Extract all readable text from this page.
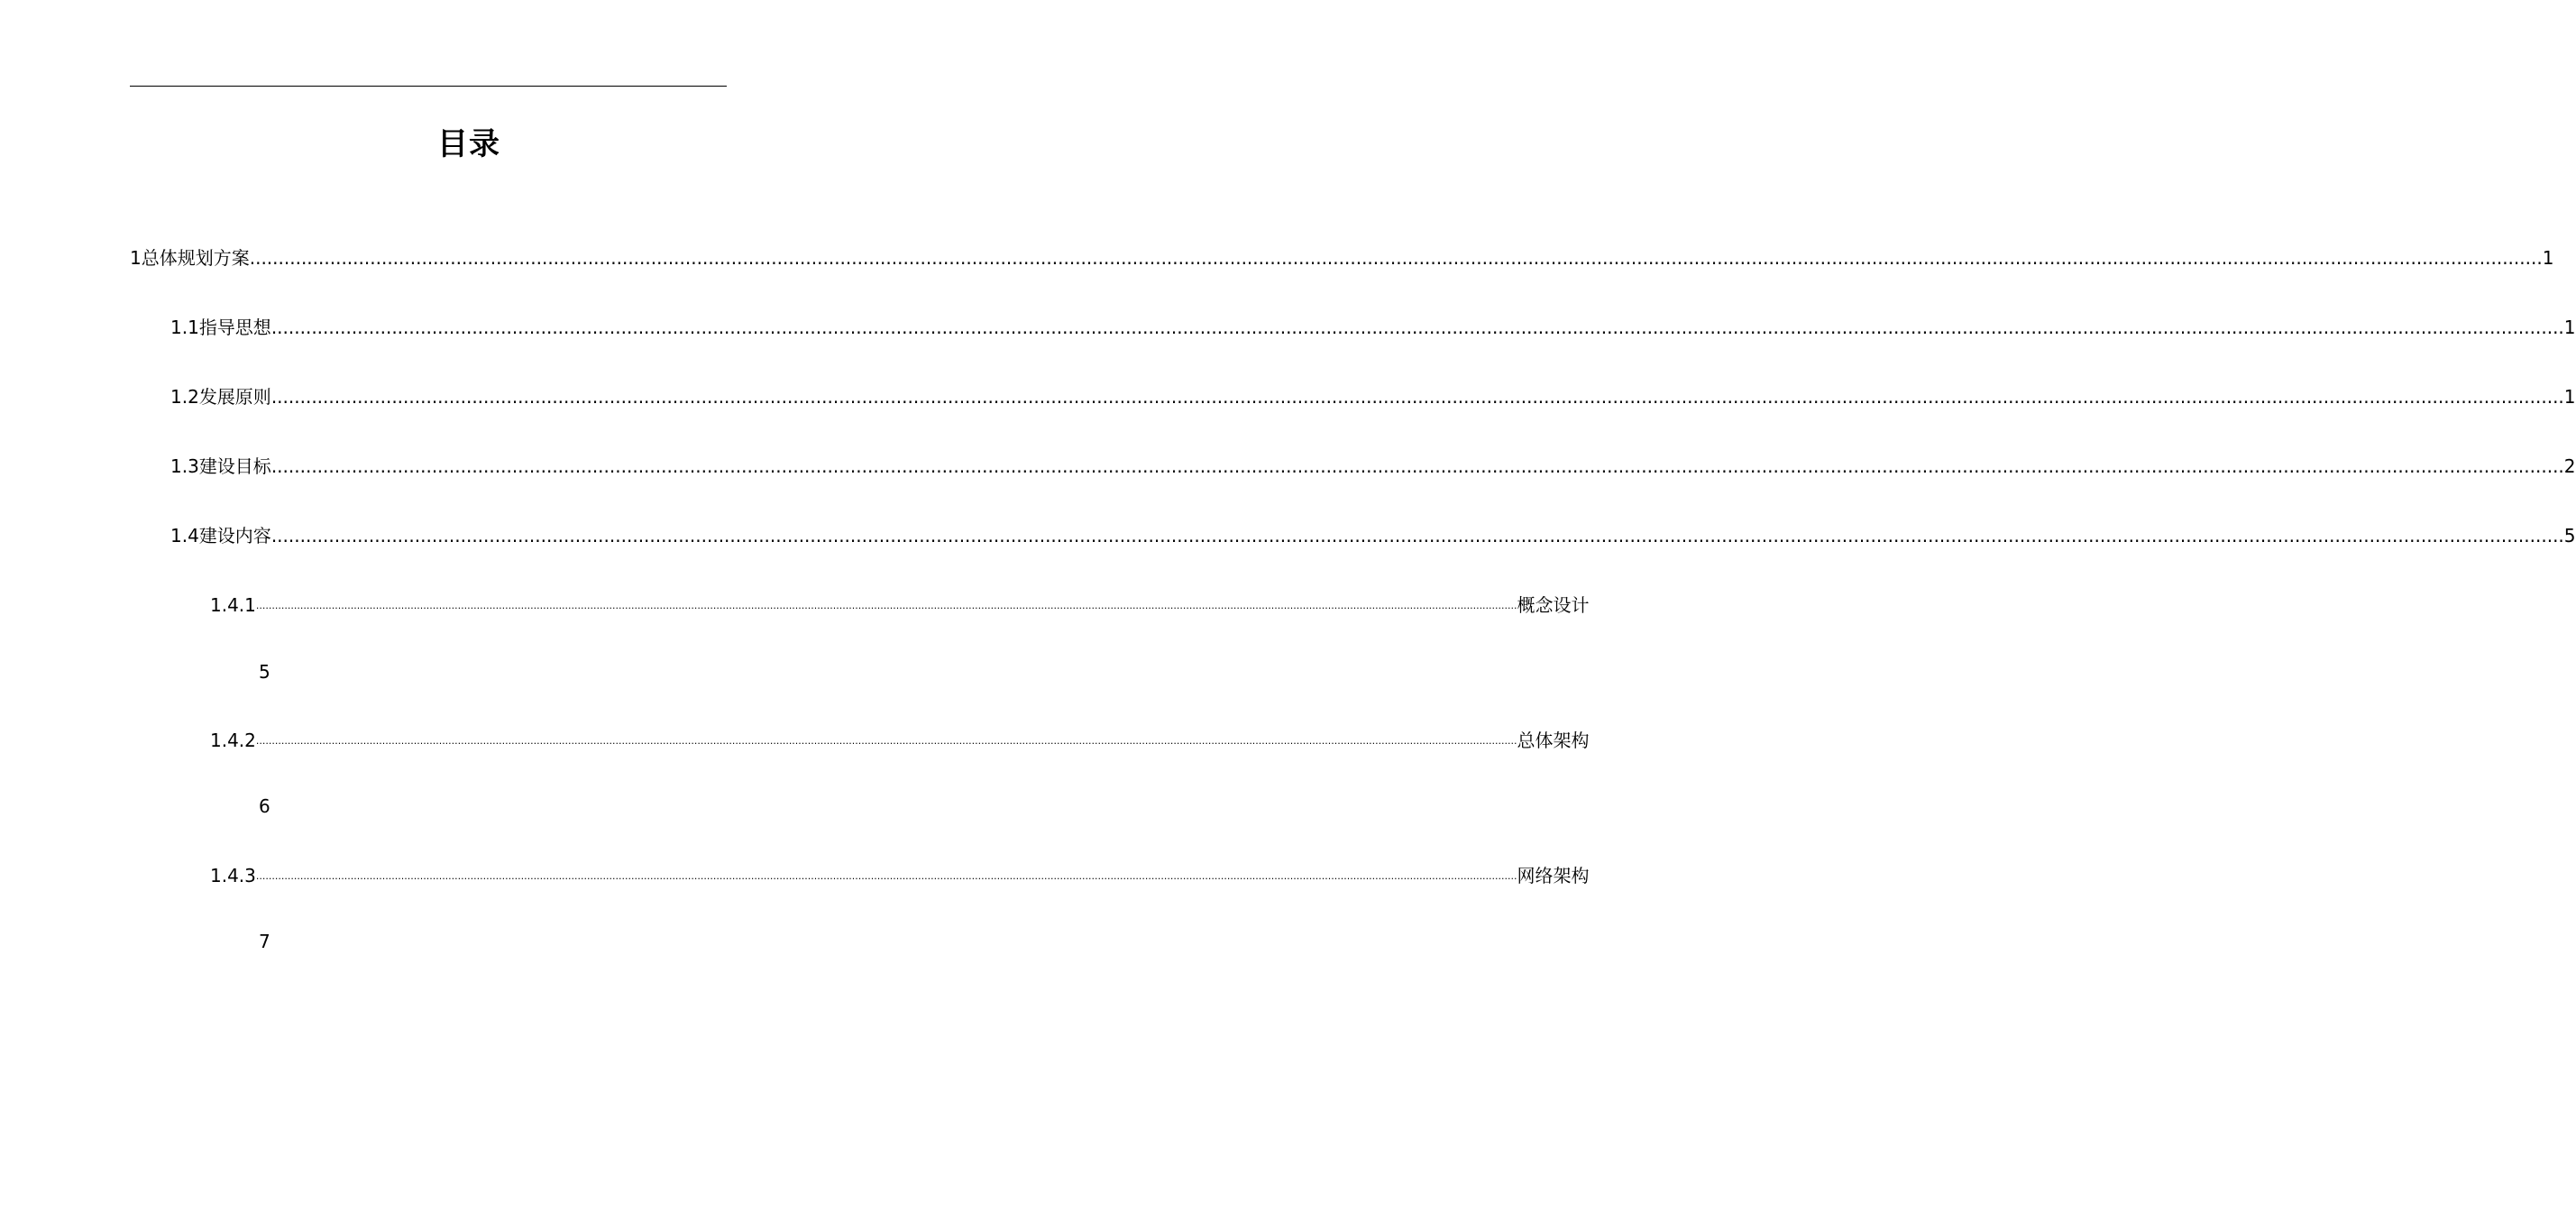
目录
1 总体规划方案 ................................................................................................................................................................................................................................................................................................................................................................................................................ 1
1.1 指导思想 ................................................................................................................................................................................................................................................................................................................................................................................................................ 1
1.2 发展原则 ................................................................................................................................................................................................................................................................................................................................................................................................................ 1
1.3 建设目标 ................................................................................................................................................................................................................................................................................................................................................................................................................ 2
1.4 建设内容 ................................................................................................................................................................................................................................................................................................................................................................................................................ 5
1.4.1 ................................................................................................................................................................................................................................................................................................................................................................................................................ 概念设计
5
1.4.2 ................................................................................................................................................................................................................................................................................................................................................................................................................ 总体架构
6
1.4.3 ................................................................................................................................................................................................................................................................................................................................................................................................................ 网络架构
7
